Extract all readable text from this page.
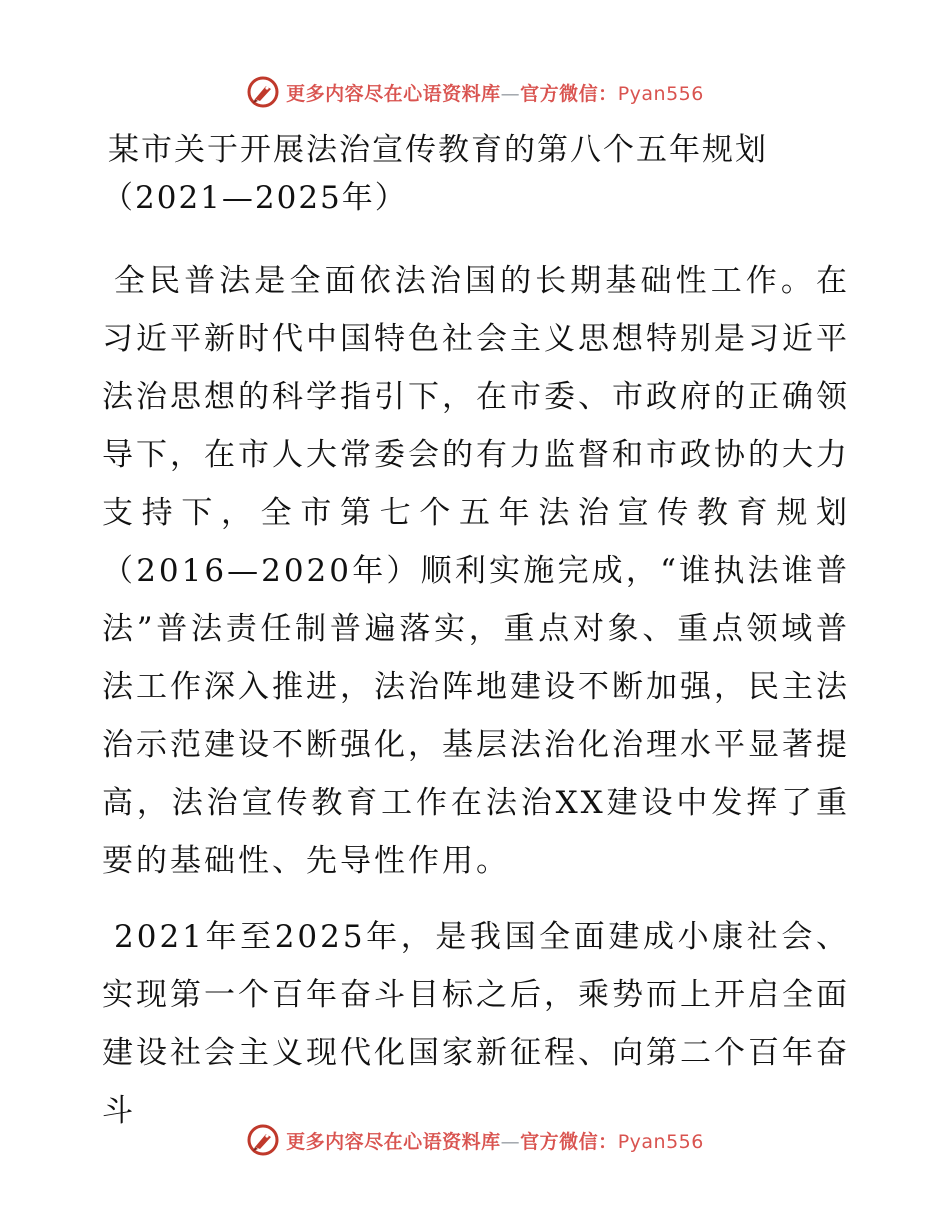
更多内容尽在心语资料库—官方微信：Pyan556
某市关于开展法治宣传教育的第八个五年规划
（2021—2025年）

全民普法是全面依法治国的长期基础性工作。在习近平新时代中国特色社会主义思想特别是习近平法治思想的科学指引下，在市委、市政府的正确领导下，在市人大常委会的有力监督和市政协的大力支持下，全市第七个五年法治宣传教育规划（2016—2020年）顺利实施完成，“谁执法谁普法”普法责任制普遍落实，重点对象、重点领域普法工作深入推进，法治阵地建设不断加强，民主法治示范建设不断强化，基层法治化治理水平显著提高，法治宣传教育工作在法治XX建设中发挥了重要的基础性、先导性作用。

2021年至2025年，是我国全面建成小康社会、实现第一个百年奋斗目标之后，乘势而上开启全面建设社会主义现代化国家新征程、向第二个百年奋斗

更多内容尽在心语资料库—官方微信：Pyan556
